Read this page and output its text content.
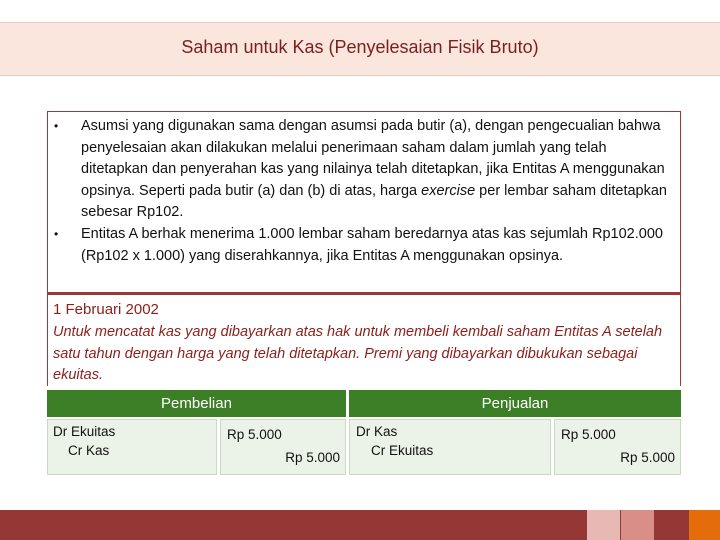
Saham untuk Kas (Penyelesaian Fisik Bruto)
• Asumsi yang digunakan sama dengan asumsi pada butir (a), dengan pengecualian bahwa penyelesaian akan dilakukan melalui penerimaan saham dalam jumlah yang telah ditetapkan dan penyerahan kas yang nilainya telah ditetapkan, jika Entitas A menggunakan opsinya. Seperti pada butir (a) dan (b) di atas, harga exercise per lembar saham ditetapkan sebesar Rp102.
• Entitas A berhak menerima 1.000 lembar saham beredarnya atas kas sejumlah Rp102.000 (Rp102 x 1.000) yang diserahkannya, jika Entitas A menggunakan opsinya.
1 Februari 2002
Untuk mencatat kas yang dibayarkan atas hak untuk membeli kembali saham Entitas A setelah satu tahun dengan harga yang telah ditetapkan. Premi yang dibayarkan dibukukan sebagai ekuitas.
Pembelian	Penjualan
Dr Ekuitas
Cr Kas
Rp 5.000
Rp 5.000
Dr Kas
Cr Ekuitas
Rp 5.000
Rp 5.000
